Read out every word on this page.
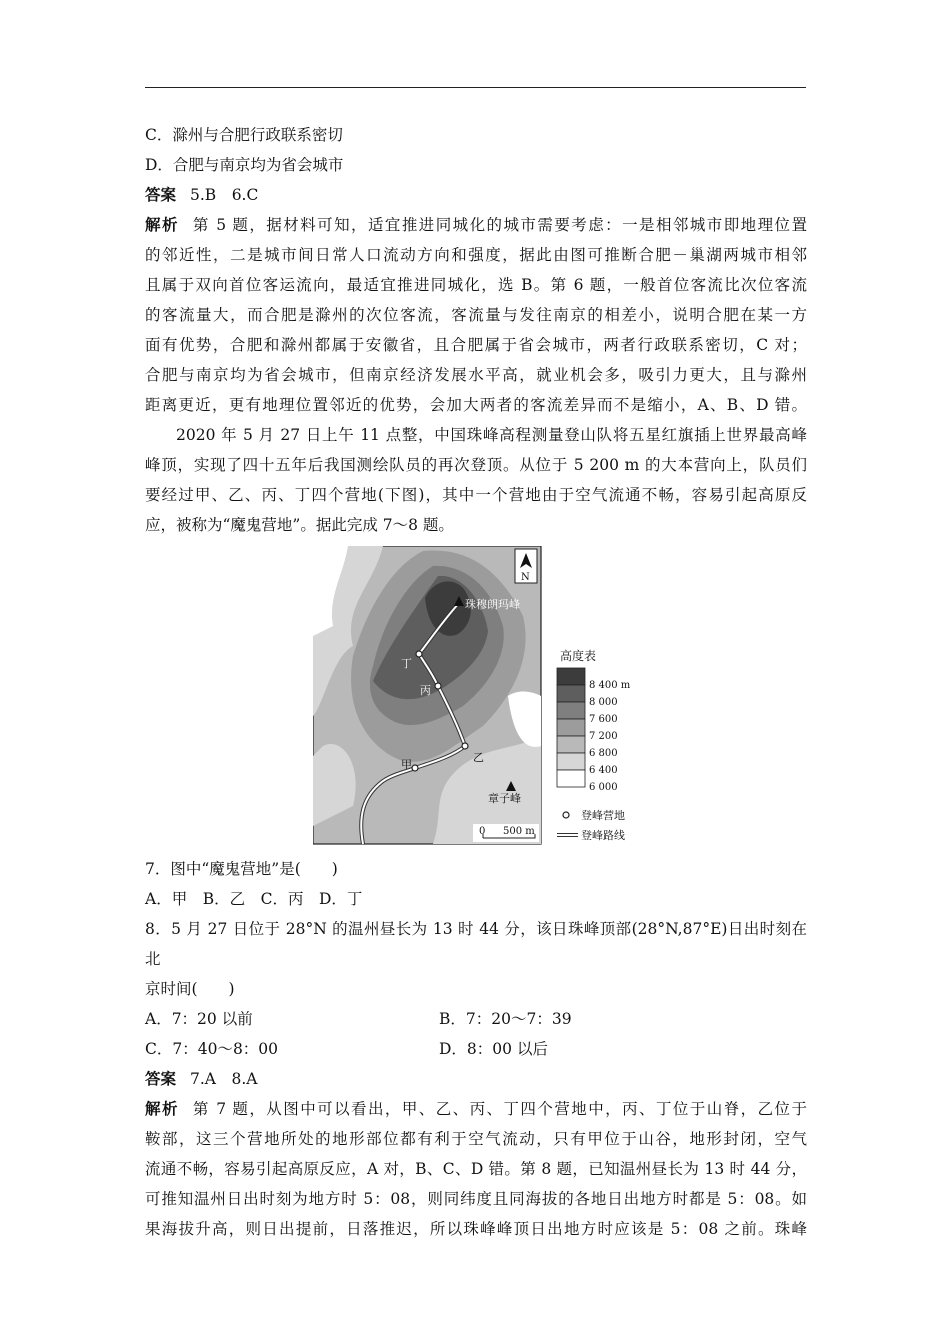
C．滁州与合肥行政联系密切

D．合肥与南京均为省会城市

答案 5.B　6.C

解析 第 5 题，据材料可知，适宜推进同城化的城市需要考虑：一是相邻城市即地理位置

的邻近性，二是城市间日常人口流动方向和强度，据此由图可推断合肥－巢湖两城市相邻

且属于双向首位客运流向，最适宜推进同城化，选 B。第 6 题，一般首位客流比次位客流

的客流量大，而合肥是滁州的次位客流，客流量与发往南京的相差小，说明合肥在某一方

面有优势，合肥和滁州都属于安徽省，且合肥属于省会城市，两者行政联系密切，C 对；

合肥与南京均为省会城市，但南京经济发展水平高，就业机会多，吸引力更大，且与滁州

距离更近，更有地理位置邻近的优势，会加大两者的客流差异而不是缩小，A、B、D 错。

2020 年 5 月 27 日上午 11 点整，中国珠峰高程测量登山队将五星红旗插上世界最高峰

峰顶，实现了四十五年后我国测绘队员的再次登顶。从位于 5 200 m 的大本营向上，队员们

要经过甲、乙、丙、丁四个营地(下图)，其中一个营地由于空气流通不畅，容易引起高原反

应，被称为“魔鬼营地”。据此完成 7～8 题。

甲
乙
丙
丁
珠穆朗玛峰
章子峰
N
0 500 m
高度表
8 400 m
8 000
7 600
7 200
6 800
6 400
6 000
登峰营地
登峰路线

7．图中“魔鬼营地”是(　　)

A．甲　B．乙　C．丙　D．丁

8．5 月 27 日位于 28°N 的温州昼长为 13 时 44 分，该日珠峰顶部(28°N,87°E)日出时刻在北

京时间(　　)

A．7：20 以前	B．7：20～7：39

C．7：40～8：00	D．8：00 以后

答案 7.A　8.A

解析 第 7 题，从图中可以看出，甲、乙、丙、丁四个营地中，丙、丁位于山脊，乙位于

鞍部，这三个营地所处的地形部位都有利于空气流动，只有甲位于山谷，地形封闭，空气

流通不畅，容易引起高原反应，A 对，B、C、D 错。第 8 题，已知温州昼长为 13 时 44 分，

可推知温州日出时刻为地方时 5：08，则同纬度且同海拔的各地日出地方时都是 5：08。如

果海拔升高，则日出提前，日落推迟，所以珠峰峰顶日出地方时应该是 5：08 之前。珠峰
